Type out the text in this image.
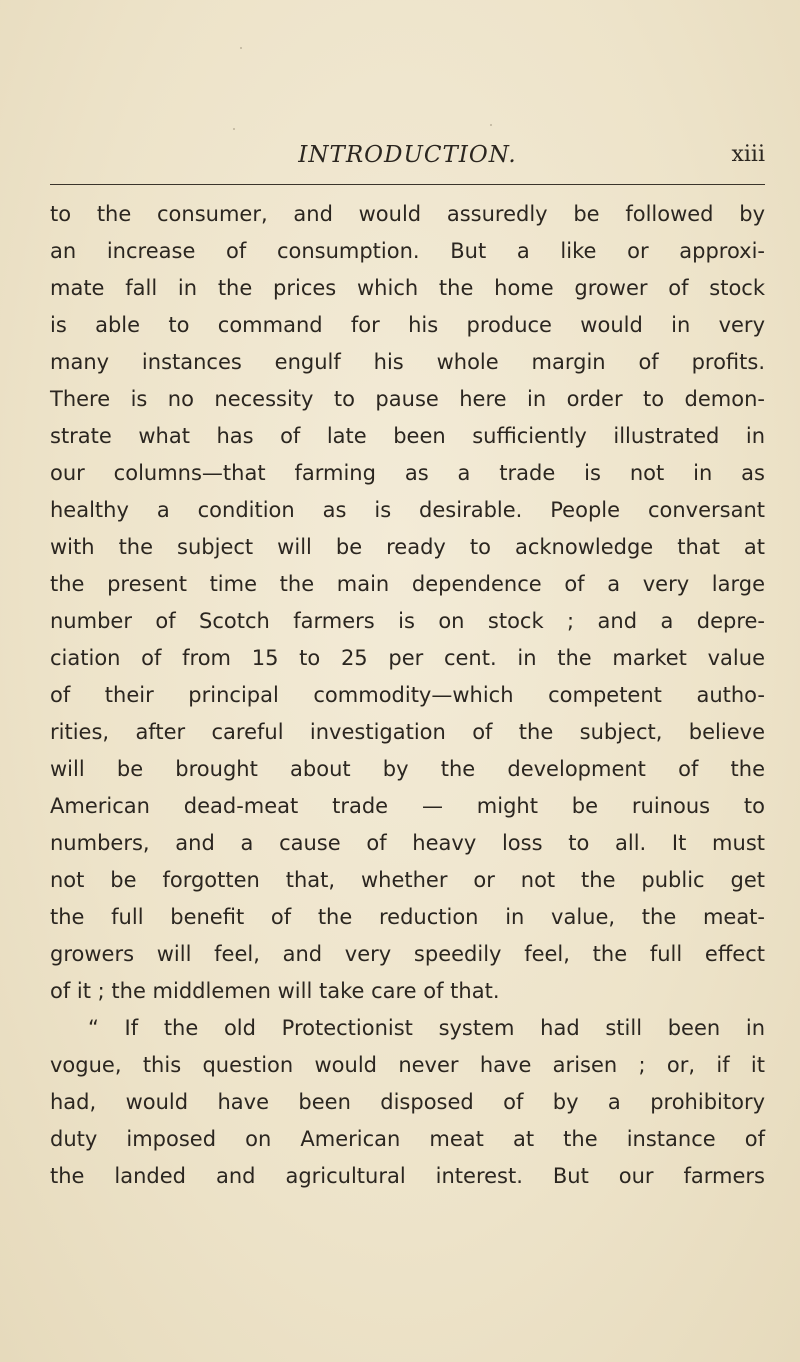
INTRODUCTION.	xiii
to the consumer, and would assuredly be followed by
an increase of consumption. But a like or approxi-
mate fall in the prices which the home grower of stock
is able to command for his produce would in very
many instances engulf his whole margin of profits.
There is no necessity to pause here in order to demon-
strate what has of late been sufficiently illustrated in
our columns—that farming as a trade is not in as
healthy a condition as is desirable. People conversant
with the subject will be ready to acknowledge that at
the present time the main dependence of a very large
number of Scotch farmers is on stock ; and a depre-
ciation of from 15 to 25 per cent. in the market value
of their principal commodity—which competent autho-
rities, after careful investigation of the subject, believe
will be brought about by the development of the
American dead-meat trade — might be ruinous to
numbers, and a cause of heavy loss to all. It must
not be forgotten that, whether or not the public get
the full benefit of the reduction in value, the meat-
growers will feel, and very speedily feel, the full effect
of it ; the middlemen will take care of that.
“ If the old Protectionist system had still been in
vogue, this question would never have arisen ; or, if it
had, would have been disposed of by a prohibitory
duty imposed on American meat at the instance of
the landed and agricultural interest. But our farmers
